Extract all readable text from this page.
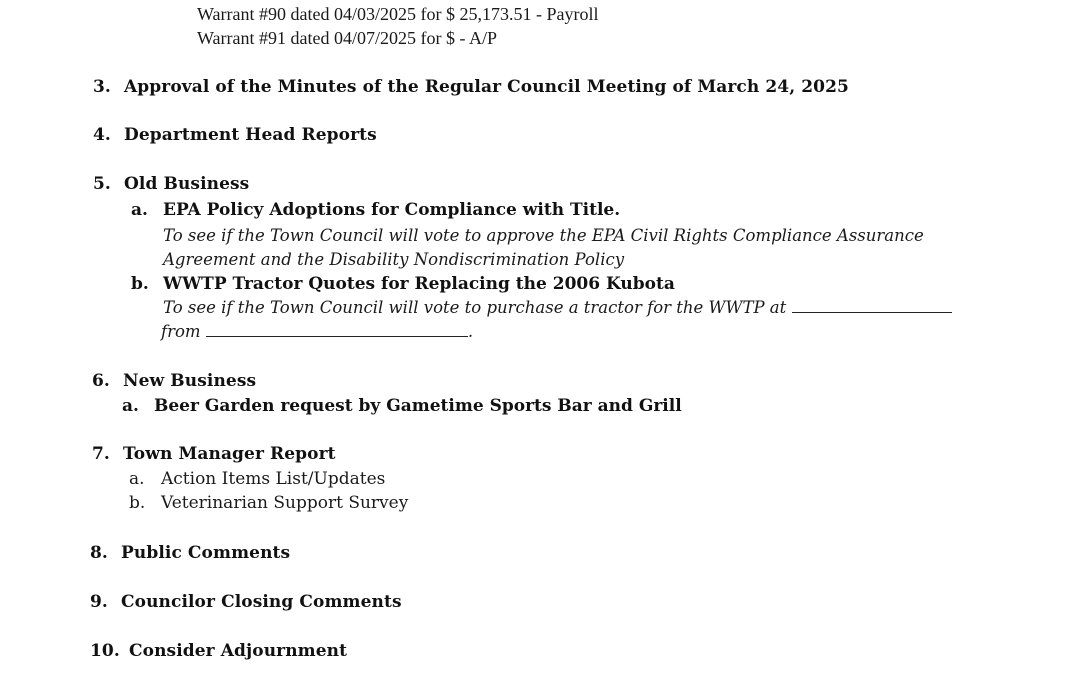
Warrant #90 dated 04/03/2025 for $ 25,173.51 - Payroll
Warrant #91 dated 04/07/2025 for $ - A/P
3. Approval of the Minutes of the Regular Council Meeting of March 24, 2025
4. Department Head Reports
5. Old Business
a. EPA Policy Adoptions for Compliance with Title.
To see if the Town Council will vote to approve the EPA Civil Rights Compliance Assurance
Agreement and the Disability Nondiscrimination Policy
b. WWTP Tractor Quotes for Replacing the 2006 Kubota
To see if the Town Council will vote to purchase a tractor for the WWTP at
from	.
6. New Business
a. Beer Garden request by Gametime Sports Bar and Grill
7. Town Manager Report
a. Action Items List/Updates
b. Veterinarian Support Survey
8. Public Comments
9. Councilor Closing Comments
10. Consider Adjournment
